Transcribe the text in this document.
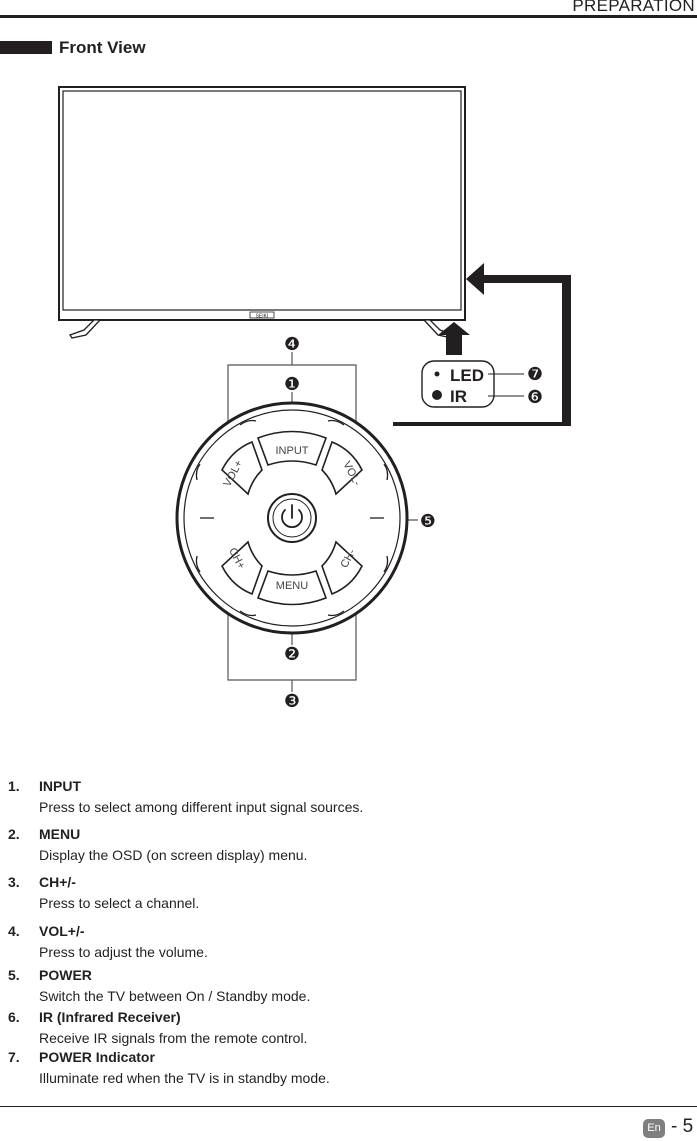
PREPARATION
Front View
SEIKI
LED
IR
INPUT
MENU
VOL+	VOL-
CH+	CH-
❹
❶	❼
❻
❺
❷
❸
1. INPUT
Press to select among different input signal sources.
2. MENU
Display the OSD (on screen display) menu.
3. CH+/-
Press to select a channel.
4. VOL+/-
Press to adjust the volume.
5. POWER
Switch the TV between On / Standby mode.
6. IR (Infrared Receiver)
Receive IR signals from the remote control.
7. POWER Indicator
Illuminate red when the TV is in standby mode.
En - 5
